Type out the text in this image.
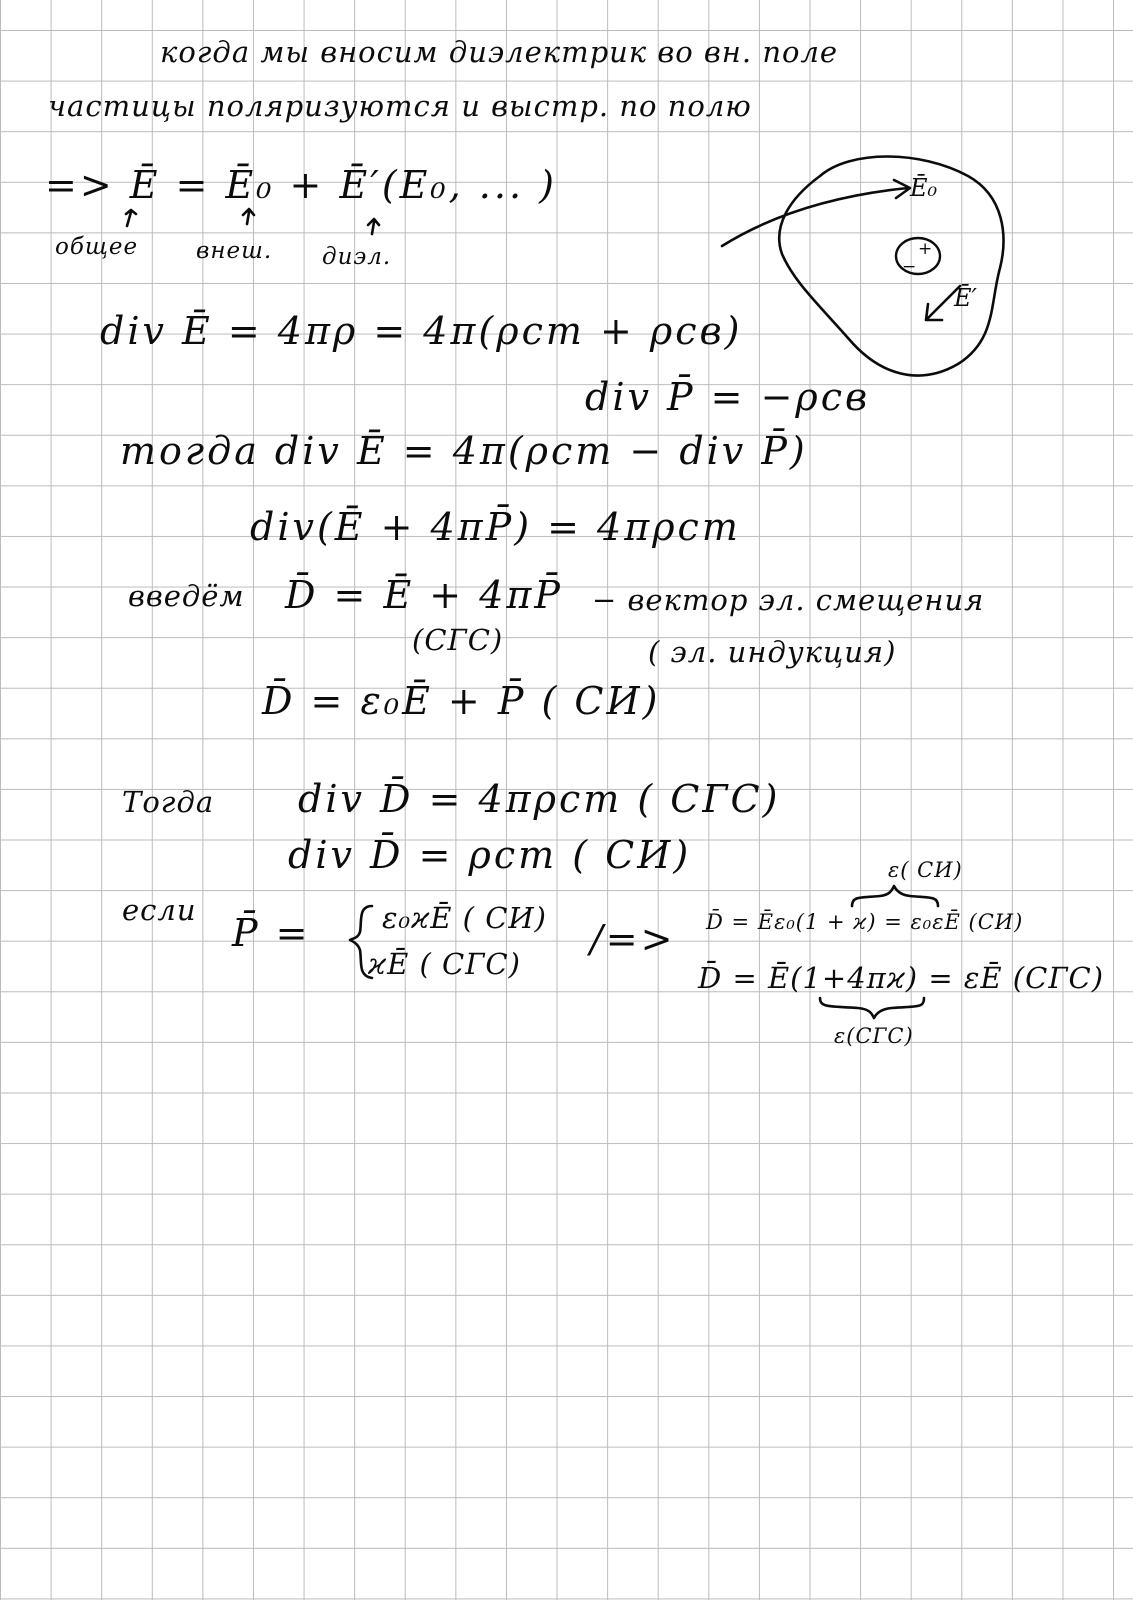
когда мы вносим диэлектрик во вн. поле
частицы поляризуются и выстр. по полю
=> Ē = Ē₀ + Ē′(E₀, ... )
общее	внеш. диэл.
div Ē = 4πρ = 4π(ρст + ρсв)
div P̄ = −ρсв
тогда div Ē = 4π(ρст − div P̄)
div(Ē + 4πP̄) = 4πρст
введём D̄ = Ē + 4πP̄ − вектор эл. смещения
(СГС)	( эл. индукция)
D̄ = ε₀Ē + P̄ ( СИ)
Тогда div D̄ = 4πρст ( СГС)
div D̄ = ρст ( СИ)
если
P̄ = ε₀ϰĒ ( СИ)
ϰĒ ( СГС)
/=>
ε( СИ)
D̄ = Ēε₀(1 + ϰ) = ε₀εĒ (СИ)
D̄ = Ē(1+4πϰ) = εĒ (СГС)
ε(СГС)
Ē₀
+
−
Ē′
